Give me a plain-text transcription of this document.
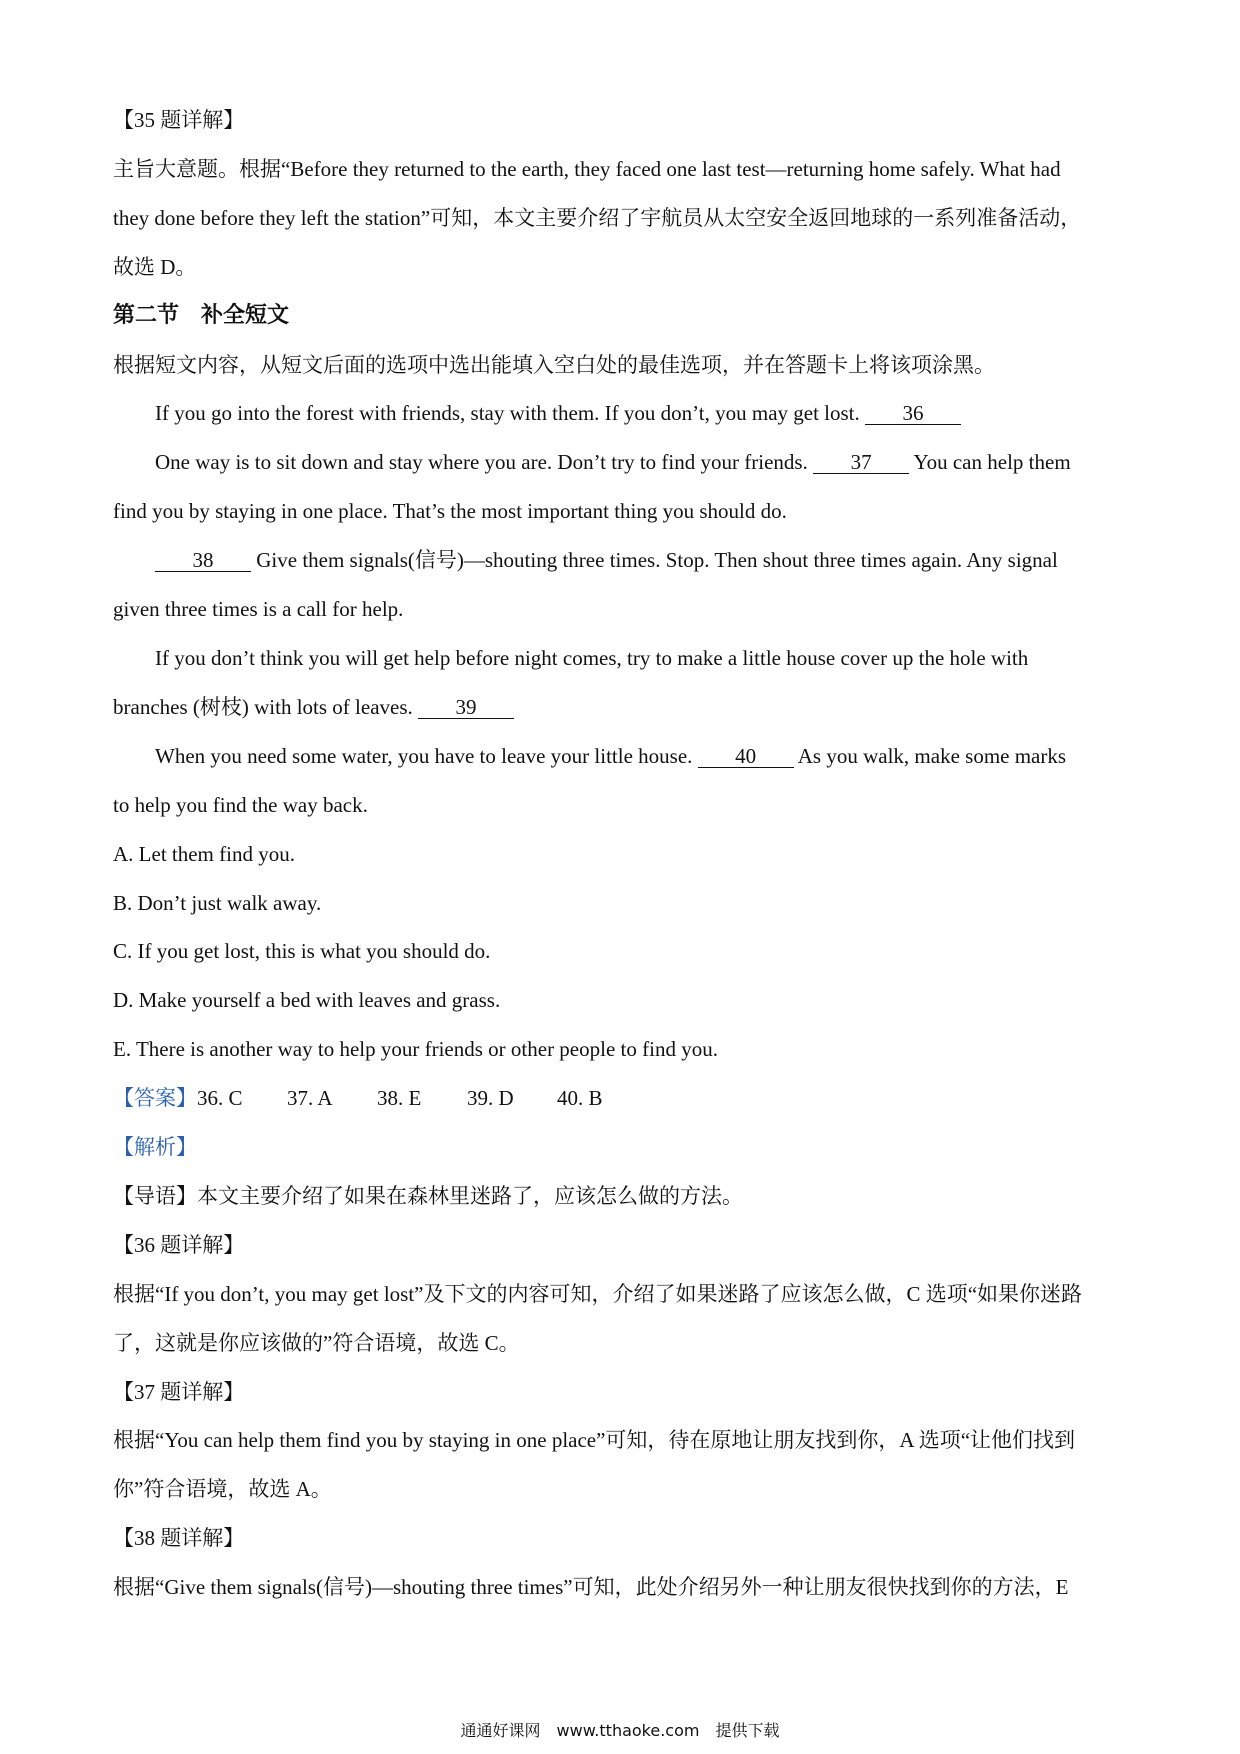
【35 题详解】
主旨大意题。根据“Before they returned to the earth, they faced one last test—returning home safely. What had
they done before they left the station”可知，本文主要介绍了宇航员从太空安全返回地球的一系列准备活动，
故选 D。
第二节　补全短文
根据短文内容，从短文后面的选项中选出能填入空白处的最佳选项，并在答题卡上将该项涂黑。
If you go into the forest with friends, stay with them. If you don’t, you may get lost. 36
One way is to sit down and stay where you are. Don’t try to find your friends. 37 You can help them
find you by staying in one place. That’s the most important thing you should do.
38 Give them signals(信号)—shouting three times. Stop. Then shout three times again. Any signal
given three times is a call for help.
If you don’t think you will get help before night comes, try to make a little house cover up the hole with
branches (树枝) with lots of leaves. 39
When you need some water, you have to leave your little house. 40 As you walk, make some marks
to help you find the way back.
A. Let them find you.
B. Don’t just walk away.
C. If you get lost, this is what you should do.
D. Make yourself a bed with leaves and grass.
E. There is another way to help your friends or other people to find you.
【答案】36. C 37. A 38. E 39. D 40. B
【解析】
【导语】本文主要介绍了如果在森林里迷路了，应该怎么做的方法。
【36 题详解】
根据“If you don’t, you may get lost”及下文的内容可知，介绍了如果迷路了应该怎么做，C 选项“如果你迷路
了，这就是你应该做的”符合语境，故选 C。
【37 题详解】
根据“You can help them find you by staying in one place”可知，待在原地让朋友找到你，A 选项“让他们找到
你”符合语境，故选 A。
【38 题详解】
根据“Give them signals(信号)—shouting three times”可知，此处介绍另外一种让朋友很快找到你的方法，E
通通好课网　www.tthaoke.com　提供下载
